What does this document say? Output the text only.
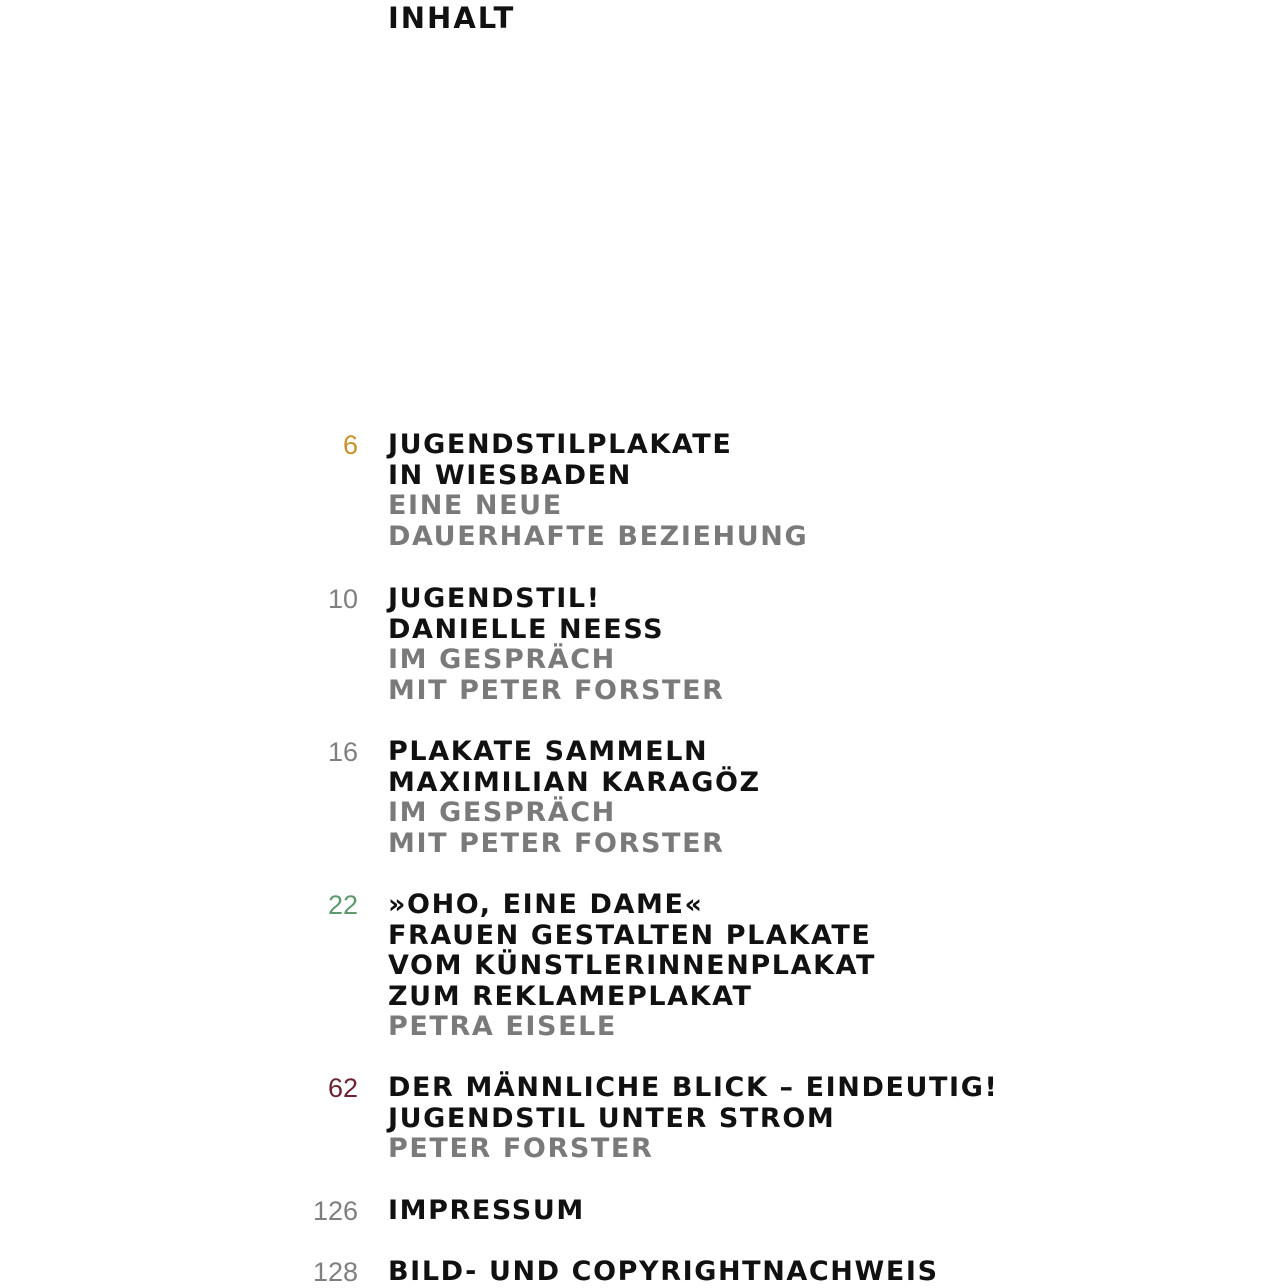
INHALT
6 JUGENDSTILPLAKATE
IN WIESBADEN
EINE NEUE
DAUERHAFTE BEZIEHUNG
10 JUGENDSTIL!
DANIELLE NEESS
IM GESPRÄCH
MIT PETER FORSTER
16 PLAKATE SAMMELN
MAXIMILIAN KARAGÖZ
IM GESPRÄCH
MIT PETER FORSTER
22 »OHO, EINE DAME«
FRAUEN GESTALTEN PLAKATE
VOM KÜNSTLERINNENPLAKAT
ZUM REKLAMEPLAKAT
PETRA EISELE
62 DER MÄNNLICHE BLICK – EINDEUTIG!
JUGENDSTIL UNTER STROM
PETER FORSTER
126 IMPRESSUM
128 BILD- UND COPYRIGHTNACHWEIS
